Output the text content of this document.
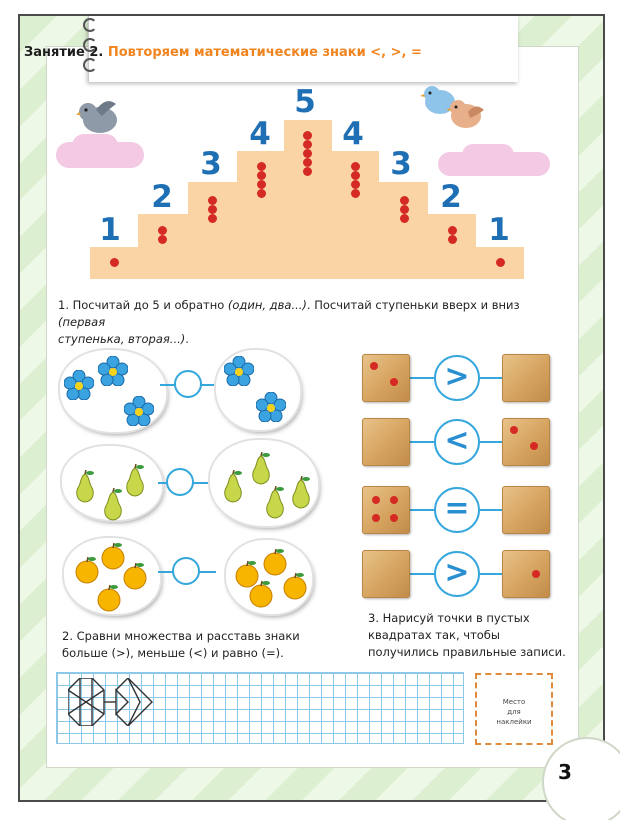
Занятие 2. Повторяем математические знаки <, >, =
1
2
3
4
5
4
3
2
1
1. Посчитай до 5 и обратно (один, два...). Посчитай ступеньки вверх и вниз (первая
ступенька, вторая...).
2. Сравни множества и расставь знаки
больше (>), меньше (<) и равно (=).
>
<
=
>
3. Нарисуй точки в пустых
квадратах так, чтобы
получились правильные записи.
Место
для
наклейки
3
